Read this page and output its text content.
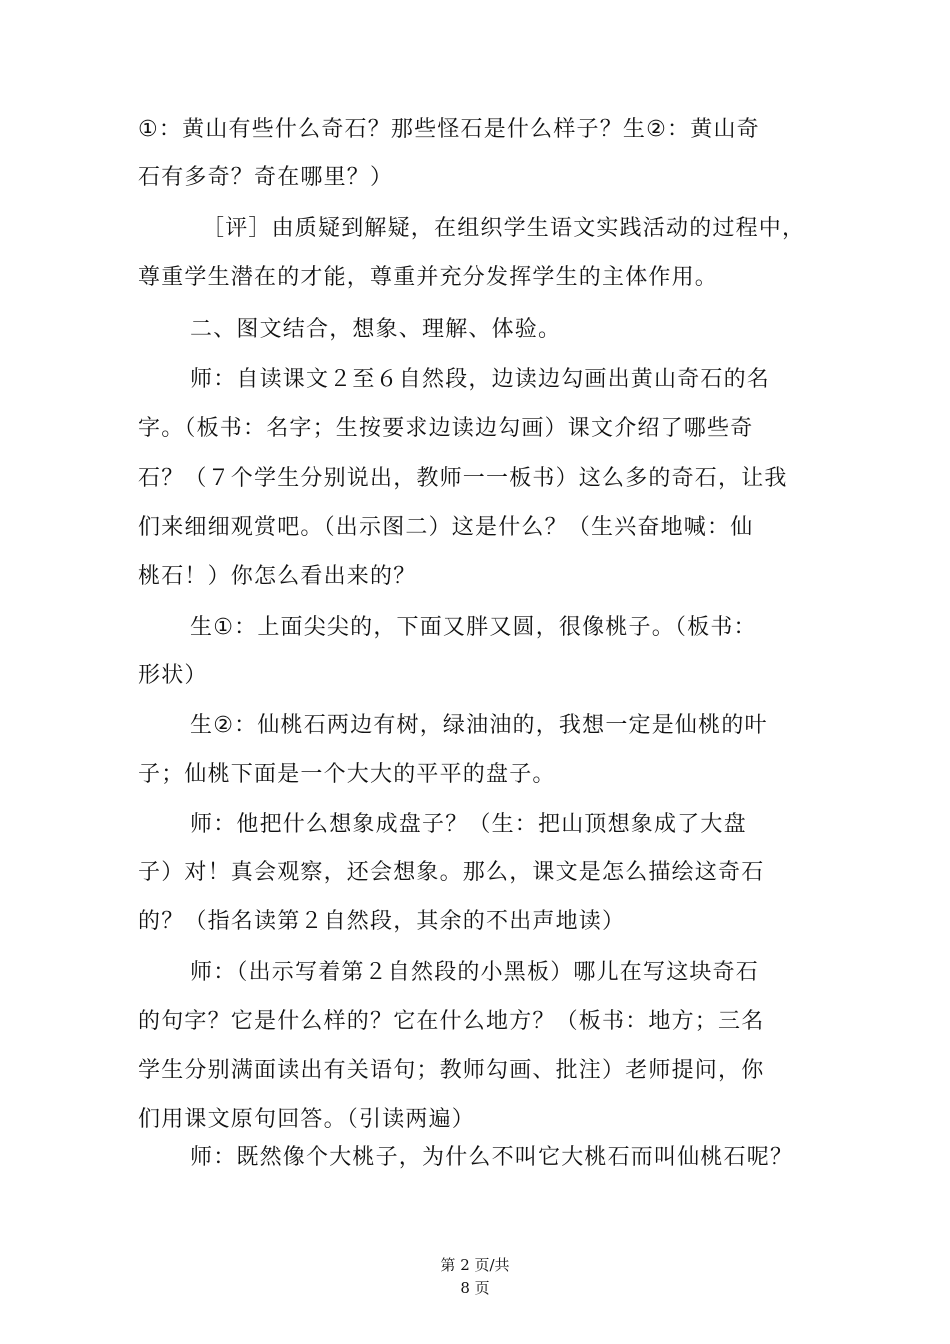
①：黄山有些什么奇石？那些怪石是什么样子？生②：黄山奇
石有多奇？奇在哪里？）
［评］由质疑到解疑，在组织学生语文实践活动的过程中，
尊重学生潜在的才能，尊重并充分发挥学生的主体作用。
二、图文结合，想象、理解、体验。
师：自读课文２至６自然段，边读边勾画出黄山奇石的名
字。（板书：名字；生按要求边读边勾画）课文介绍了哪些奇
石？（７个学生分别说出，教师一一板书）这么多的奇石，让我
们来细细观赏吧。（出示图二）这是什么？（生兴奋地喊：仙
桃石！）你怎么看出来的？
生①：上面尖尖的，下面又胖又圆，很像桃子。（板书：
形状）
生②：仙桃石两边有树，绿油油的，我想一定是仙桃的叶
子；仙桃下面是一个大大的平平的盘子。
师：他把什么想象成盘子？（生：把山顶想象成了大盘
子）对！真会观察，还会想象。那么，课文是怎么描绘这奇石
的？（指名读第２自然段，其余的不出声地读）
师：（出示写着第２自然段的小黑板）哪儿在写这块奇石
的句字？它是什么样的？它在什么地方？（板书：地方；三名
学生分别满面读出有关语句；教师勾画、批注）老师提问，你
们用课文原句回答。（引读两遍）
师：既然像个大桃子，为什么不叫它大桃石而叫仙桃石呢？
第 2 页/共
8 页
